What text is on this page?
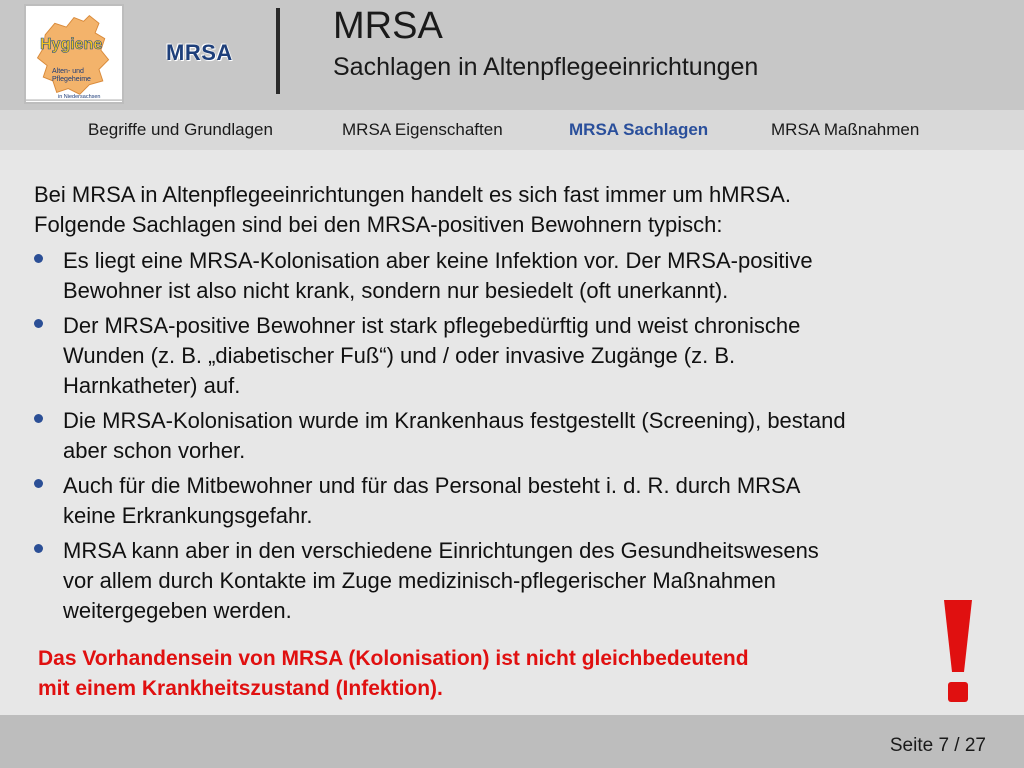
Hygiene
Alten- und
Pflegeheime
in Niedersachsen
MRSA
MRSA
Sachlagen in Altenpflegeeinrichtungen
Begriffe und Grundlagen	MRSA Eigenschaften	MRSA Sachlagen	MRSA Maßnahmen

Bei MRSA in Altenpflegeeinrichtungen handelt es sich fast immer um hMRSA.

Folgende Sachlagen sind bei den MRSA-positiven Bewohnern typisch:

Es liegt eine MRSA-Kolonisation aber keine Infektion vor. Der MRSA-positive
Bewohner ist also nicht krank, sondern nur besiedelt (oft unerkannt).
Der MRSA-positive Bewohner ist stark pflegebedürftig und weist chronische
Wunden (z. B. „diabetischer Fuß“) und / oder invasive Zugänge (z. B.
Harnkatheter) auf.
Die MRSA-Kolonisation wurde im Krankenhaus festgestellt (Screening), bestand
aber schon vorher.
Auch für die Mitbewohner und für das Personal besteht i. d. R. durch MRSA
keine Erkrankungsgefahr.
MRSA kann aber in den verschiedene Einrichtungen des Gesundheitswesens
vor allem durch Kontakte im Zuge medizinisch-pflegerischer Maßnahmen
weitergegeben werden.
Das Vorhandensein von MRSA (Kolonisation) ist nicht gleichbedeutend
mit einem Krankheitszustand (Infektion).
Seite 7 / 27
